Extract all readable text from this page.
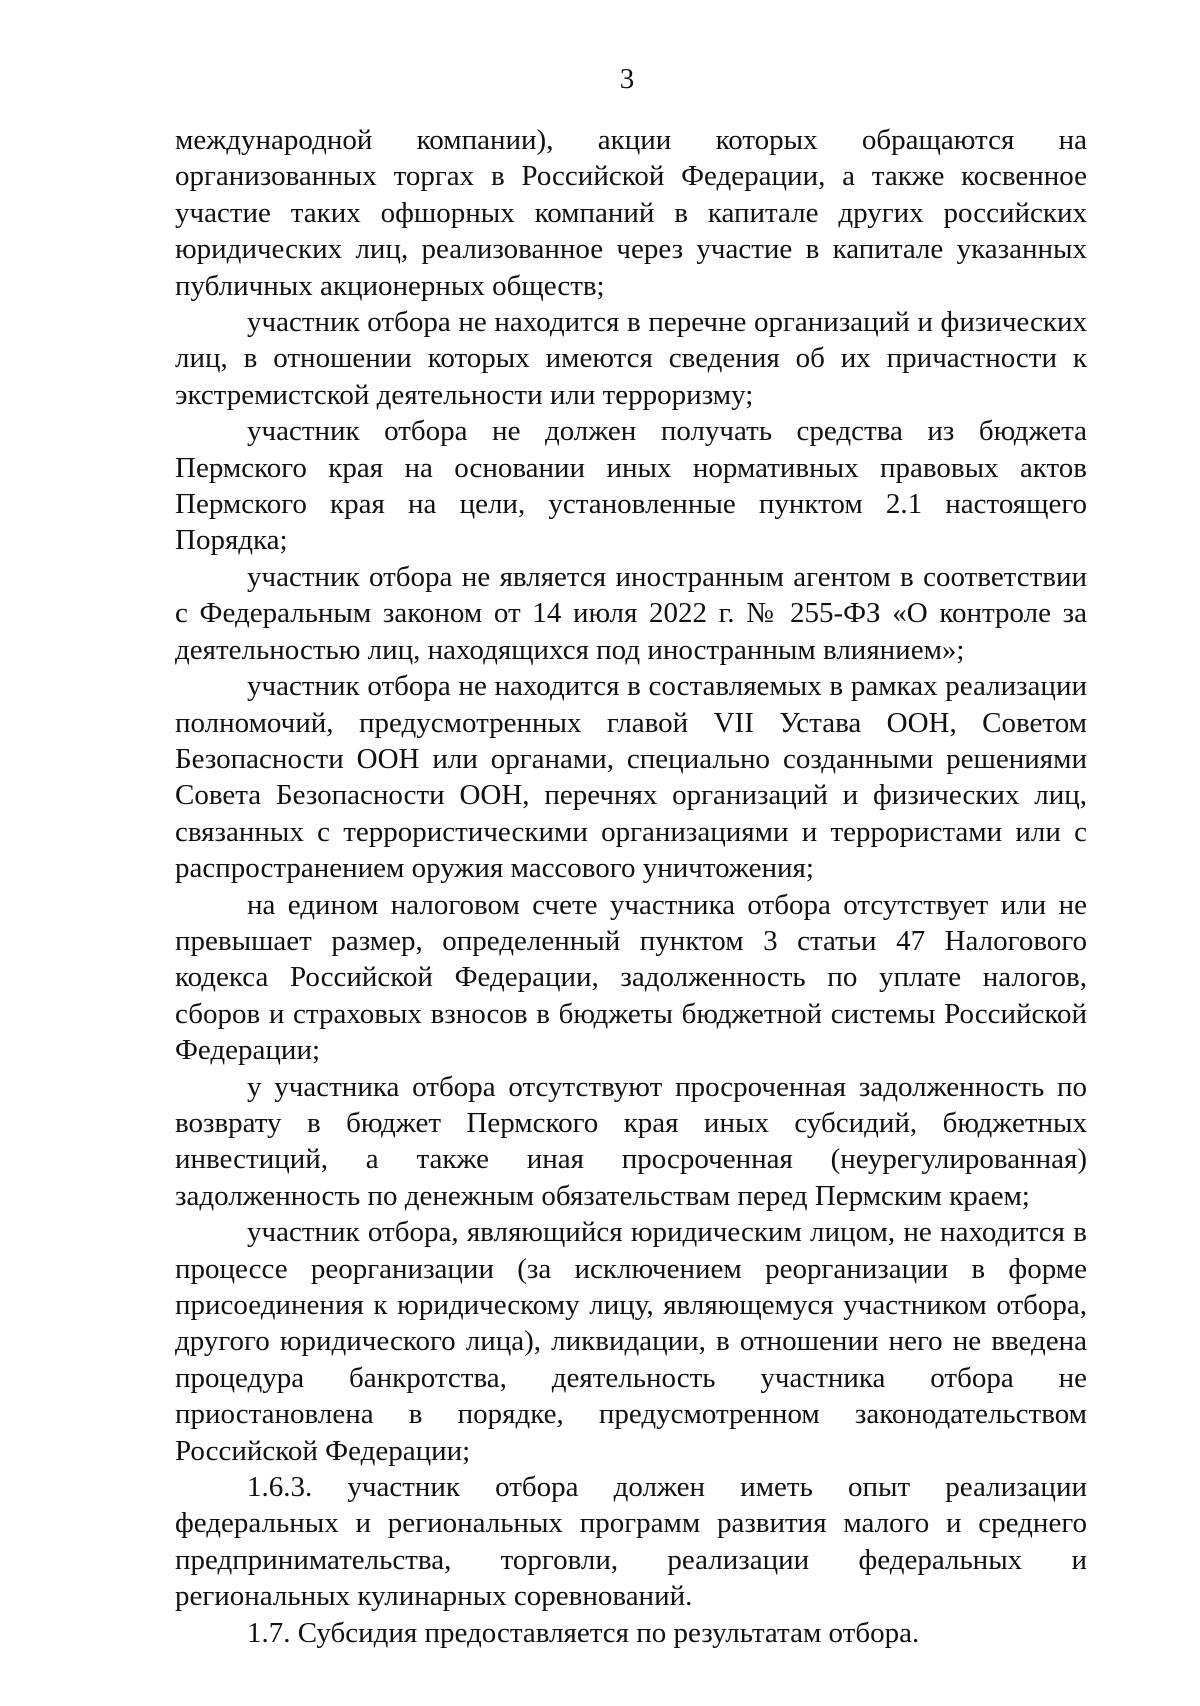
3

международной компании), акции которых обращаются на организованных торгах в Российской Федерации, а также косвенное участие таких офшорных компаний в капитале других российских юридических лиц, реализованное через участие в капитале указанных публичных акционерных обществ;

участник отбора не находится в перечне организаций и физических лиц, в отношении которых имеются сведения об их причастности к экстремистской деятельности или терроризму;

участник отбора не должен получать средства из бюджета Пермского края на основании иных нормативных правовых актов Пермского края на цели, установленные пунктом 2.1 настоящего Порядка;

участник отбора не является иностранным агентом в соответствии с Федеральным законом от 14 июля 2022 г. № 255-ФЗ «О контроле за деятельностью лиц, находящихся под иностранным влиянием»;

участник отбора не находится в составляемых в рамках реализации полномочий, предусмотренных главой VII Устава ООН, Советом Безопасности ООН или органами, специально созданными решениями Совета Безопасности ООН, перечнях организаций и физических лиц, связанных с террористическими организациями и террористами или с распространением оружия массового уничтожения;

на едином налоговом счете участника отбора отсутствует или не превышает размер, определенный пунктом 3 статьи 47 Налогового кодекса Российской Федерации, задолженность по уплате налогов, сборов и страховых взносов в бюджеты бюджетной системы Российской Федерации;

у участника отбора отсутствуют просроченная задолженность по возврату в бюджет Пермского края иных субсидий, бюджетных инвестиций, а также иная просроченная (неурегулированная) задолженность по денежным обязательствам перед Пермским краем;

участник отбора, являющийся юридическим лицом, не находится в процессе реорганизации (за исключением реорганизации в форме присоединения к юридическому лицу, являющемуся участником отбора, другого юридического лица), ликвидации, в отношении него не введена процедура банкротства, деятельность участника отбора не приостановлена в порядке, предусмотренном законодательством Российской Федерации;

1.6.3. участник отбора должен иметь опыт реализации федеральных и региональных программ развития малого и среднего предпринимательства, торговли, реализации федеральных и региональных кулинарных соревнований.

1.7. Субсидия предоставляется по результатам отбора.
